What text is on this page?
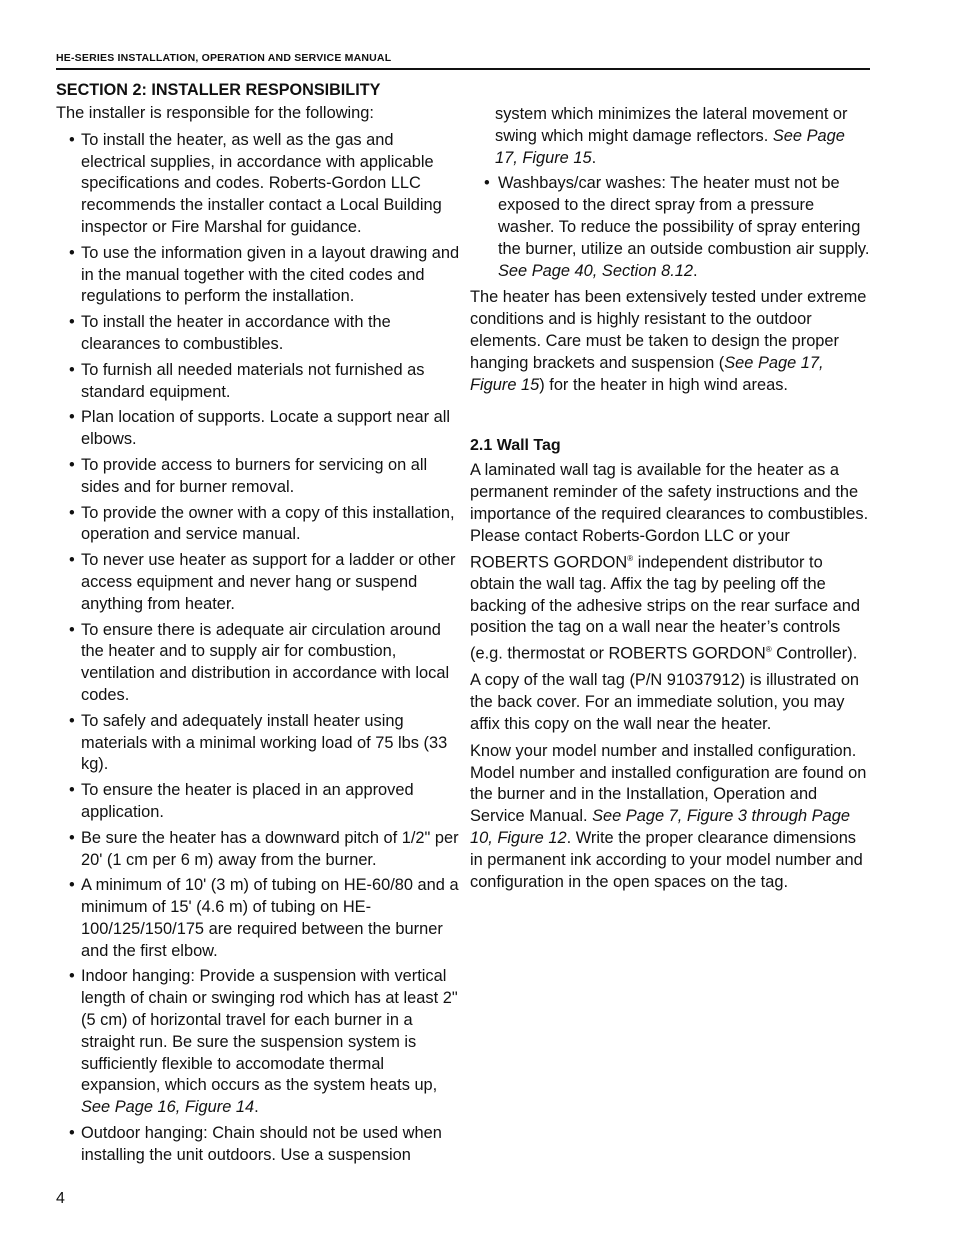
HE-SERIES INSTALLATION, OPERATION AND SERVICE MANUAL
SECTION 2: INSTALLER RESPONSIBILITY

The installer is responsible for the following:

• To install the heater, as well as the gas and electrical supplies, in accordance with applicable specifications and codes. Roberts-Gordon LLC recommends the installer contact a Local Building inspector or Fire Marshal for guidance.
• To use the information given in a layout drawing and in the manual together with the cited codes and regulations to perform the installation.
• To install the heater in accordance with the clearances to combustibles.
• To furnish all needed materials not furnished as standard equipment.
• Plan location of supports. Locate a support near all elbows.
• To provide access to burners for servicing on all sides and for burner removal.
• To provide the owner with a copy of this installation, operation and service manual.
• To never use heater as support for a ladder or other access equipment and never hang or suspend anything from heater.
• To ensure there is adequate air circulation around the heater and to supply air for combustion, ventilation and distribution in accordance with local codes.
• To safely and adequately install heater using materials with a minimal working load of 75 lbs (33 kg).
• To ensure the heater is placed in an approved application.
• Be sure the heater has a downward pitch of 1/2" per 20' (1 cm per 6 m) away from the burner.
• A minimum of 10' (3 m) of tubing on HE-60/80 and a minimum of 15' (4.6 m) of tubing on HE-100/125/150/175 are required between the burner and the first elbow.
• Indoor hanging: Provide a suspension with vertical length of chain or swinging rod which has at least 2" (5 cm) of horizontal travel for each burner in a straight run. Be sure the suspension system is sufficiently flexible to accomodate thermal expansion, which occurs as the system heats up, See Page 16, Figure 14.
• Outdoor hanging: Chain should not be used when installing the unit outdoors. Use a suspension
system which minimizes the lateral movement or swing which might damage reflectors. See Page 17, Figure 15.
• Washbays/car washes: The heater must not be exposed to the direct spray from a pressure washer. To reduce the possibility of spray entering the burner, utilize an outside combustion air supply. See Page 40, Section 8.12.

The heater has been extensively tested under extreme conditions and is highly resistant to the outdoor elements. Care must be taken to design the proper hanging brackets and suspension (See Page 17, Figure 15) for the heater in high wind areas.

2.1 Wall Tag

A laminated wall tag is available for the heater as a permanent reminder of the safety instructions and the importance of the required clearances to combustibles. Please contact Roberts-Gordon LLC or your ROBERTS GORDON® independent distributor to obtain the wall tag. Affix the tag by peeling off the backing of the adhesive strips on the rear surface and position the tag on a wall near the heater’s controls (e.g. thermostat or ROBERTS GORDON® Controller).

A copy of the wall tag (P/N 91037912) is illustrated on the back cover. For an immediate solution, you may affix this copy on the wall near the heater.

Know your model number and installed configuration. Model number and installed configuration are found on the burner and in the Installation, Operation and Service Manual. See Page 7, Figure 3 through Page 10, Figure 12. Write the proper clearance dimensions in permanent ink according to your model number and configuration in the open spaces on the tag.

4
